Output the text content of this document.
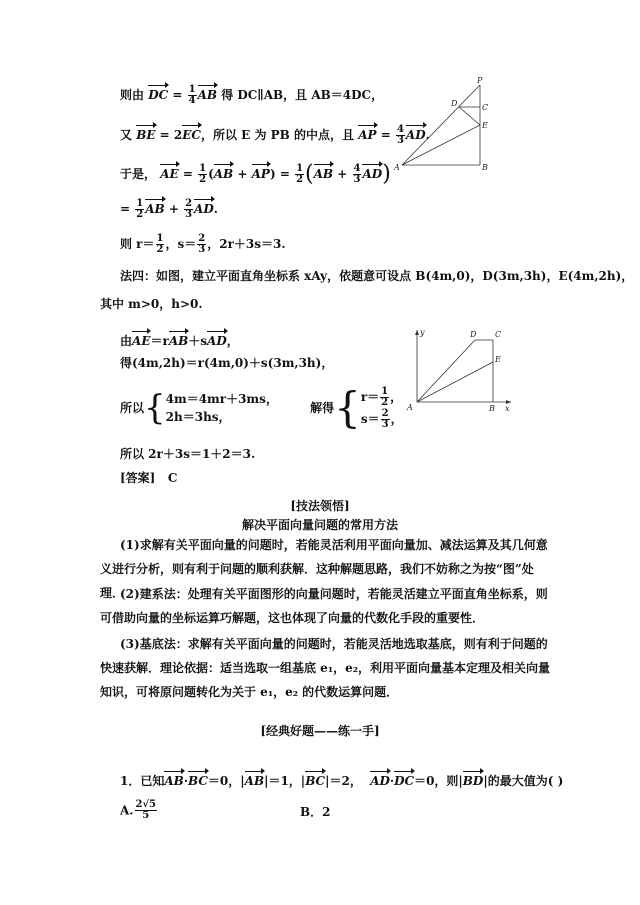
则由 DC = $\frac{1}{4}$ AB 得 DC∥AB，且 AB＝4DC，
又 BE = 2EC，所以 E 为 PB 的中点，且 AP = $\frac{4}{3}$ AD.
于是， AE = $\frac{1}{2} (AB + AP) = \frac{1}{2} (AB + \frac{4}{3} AD)$
= $\frac{1}{2}$ AB + $\frac{2}{3}$ AD.
则 $r= \frac{1}{2}$ ，$s= \frac{2}{3}$ ，2r＋3s＝3.
法四：如图，建立平面直角坐标系 xAy，依题意可设点 B(4m,0)，D(3m,3h)，E(4m,2h)，
其中 m>0，h>0.
由AE＝rAB＋sAD，
得(4m,2h)＝r(4m,0)＋s(3m,3h)，
所以{ 4m＝4mr＋3ms，
2h＝3hs，
解得{ $r= \frac{1}{2}$ ，
$s= \frac{2}{3}$ ，
所以 2r＋3s＝1＋2＝3.
[答案] C
[技法领悟]
解决平面向量问题的常用方法
(1)求解有关平面向量的问题时，若能灵活利用平面向量加、减法运算及其几何意义进行分析，则有利于问题的顺利获解．这种解题思路，我们不妨称之为按“图”处理．
(2)建系法：处理有关平面图形的向量问题时，若能灵活建立平面直角坐标系，则可借助向量的坐标运算巧解题，这也体现了向量的代数化手段的重要性．
(3)基底法：求解有关平面向量的问题时，若能灵活地选取基底，则有利于问题的快速获解．理论依据：适当选取一组基底 e₁，e₂，利用平面向量基本定理及相关向量知识，可将原问题转化为关于 e₁，e₂ 的代数运算问题．
[经典好题——练一手]
1．已知AB·BC＝0，|AB|＝1，|BC|＝2， AD·DC＝0，则|BD|的最大值为( )
A. $\frac{2√5}{5}$	B．2
A	B
C
D
E
P
A	B
C
D
E
x
y
